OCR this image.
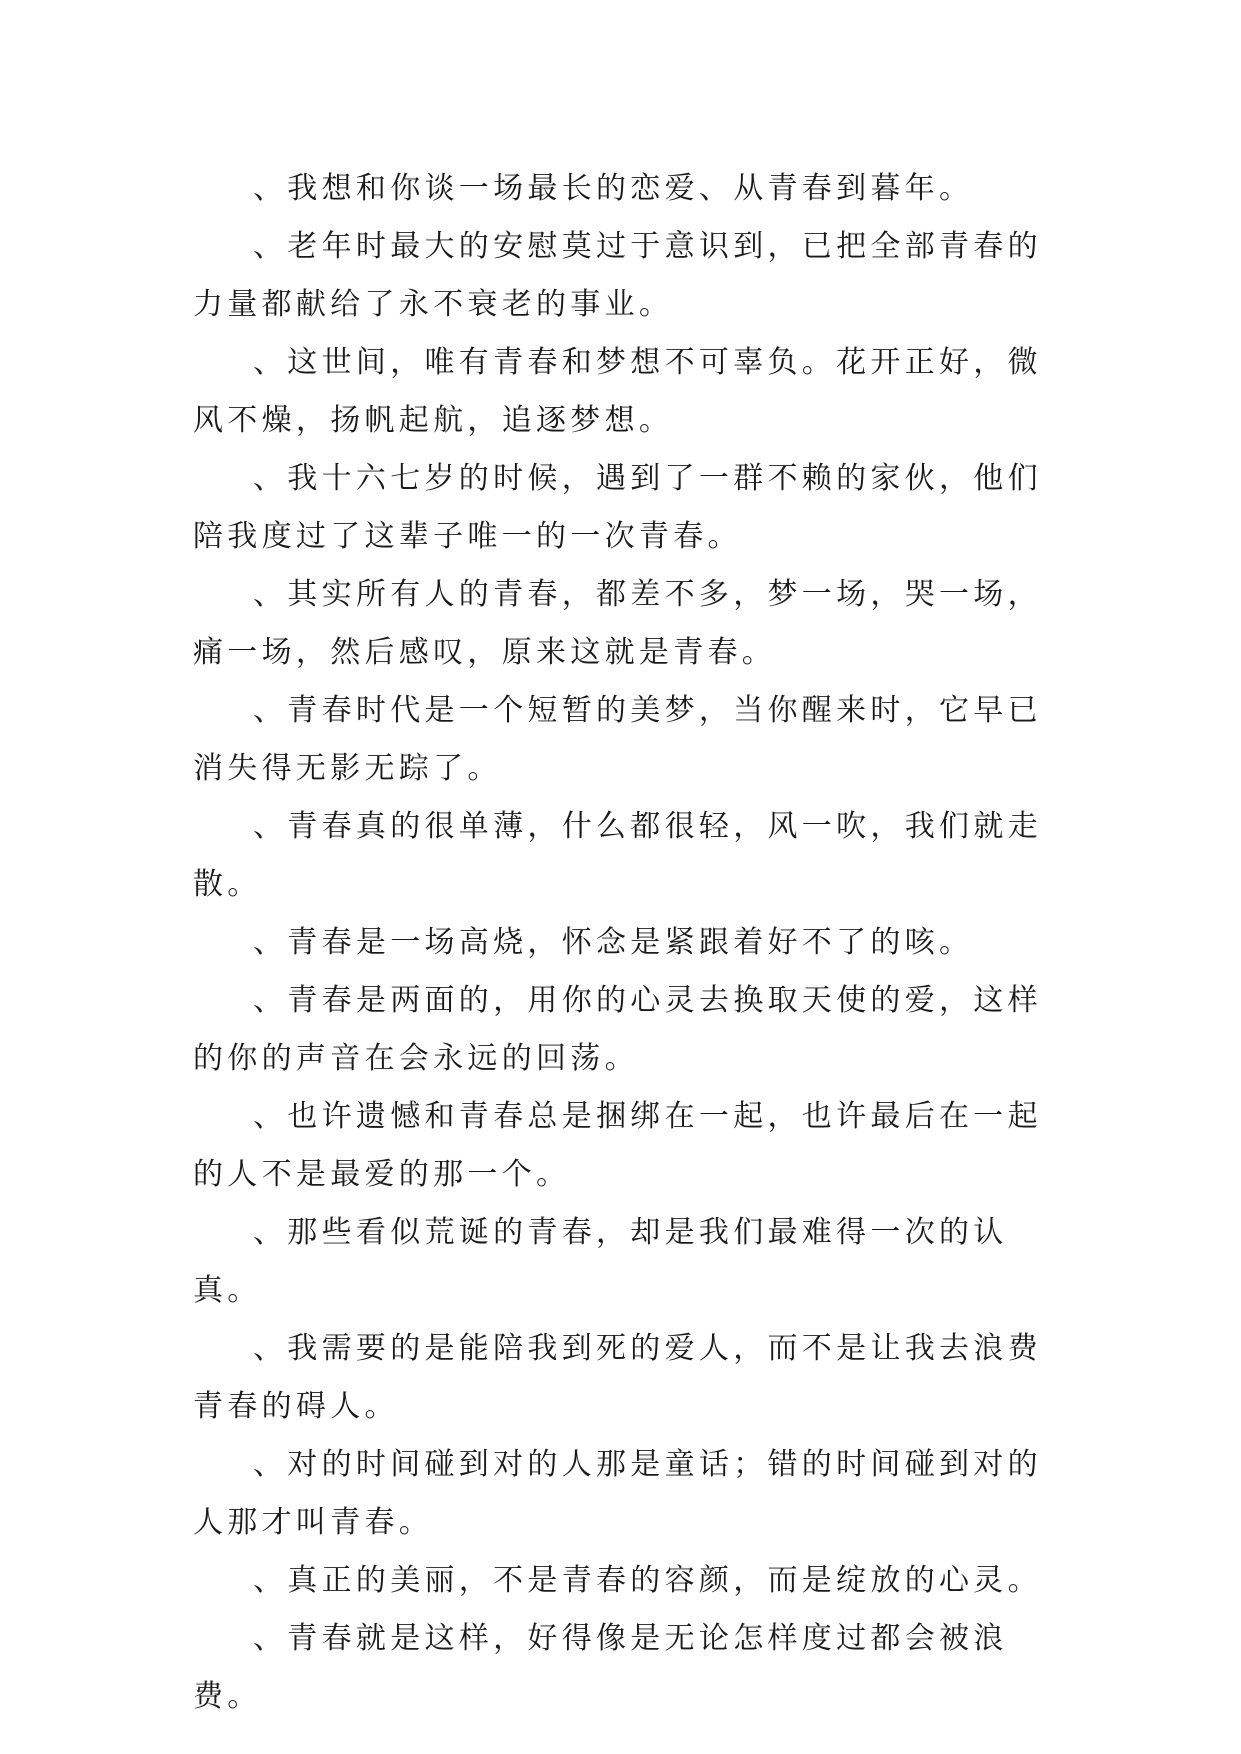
、我想和你谈一场最长的恋爱、从青春到暮年。

、老年时最大的安慰莫过于意识到，已把全部青春的力量都献给了永不衰老的事业。

、这世间，唯有青春和梦想不可辜负。花开正好，微风不燥，扬帆起航，追逐梦想。

、我十六七岁的时候，遇到了一群不赖的家伙，他们陪我度过了这辈子唯一的一次青春。

、其实所有人的青春，都差不多，梦一场，哭一场，痛一场，然后感叹，原来这就是青春。

、青春时代是一个短暂的美梦，当你醒来时，它早已消失得无影无踪了。

、青春真的很单薄，什么都很轻，风一吹，我们就走散。

、青春是一场高烧，怀念是紧跟着好不了的咳。

、青春是两面的，用你的心灵去换取天使的爱，这样的你的声音在会永远的回荡。

、也许遗憾和青春总是捆绑在一起，也许最后在一起的人不是最爱的那一个。

、那些看似荒诞的青春，却是我们最难得一次的认真。

、我需要的是能陪我到死的爱人，而不是让我去浪费青春的碍人。

、对的时间碰到对的人那是童话；错的时间碰到对的人那才叫青春。

、真正的美丽，不是青春的容颜，而是绽放的心灵。

、青春就是这样，好得像是无论怎样度过都会被浪费。
